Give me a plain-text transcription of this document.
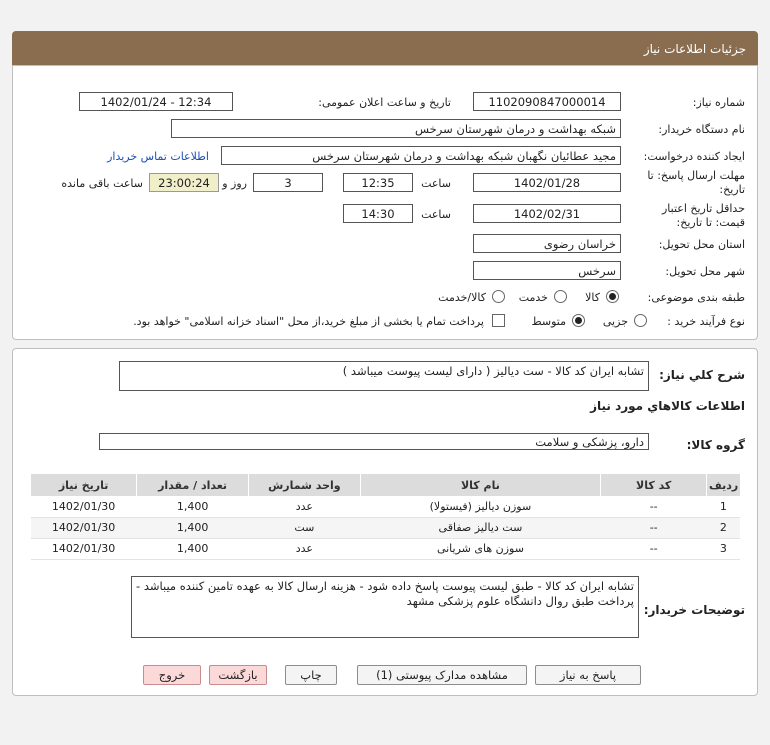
جزئیات اطلاعات نیاز
شماره نیاز:
1102090847000014
تاریخ و ساعت اعلان عمومی:
1402/01/24 - 12:34
نام دستگاه خریدار:
شبکه بهداشت و درمان شهرستان سرخس
ایجاد کننده درخواست:
مجید عطائیان نگهبان شبکه بهداشت و درمان شهرستان سرخس
اطلاعات تماس خریدار
مهلت ارسال پاسخ: تا
تاریخ:
1402/01/28
ساعت
12:35
3
روز و
23:00:24
ساعت باقی مانده
حداقل تاریخ اعتبار
قیمت: تا تاریخ:
1402/02/31
ساعت
14:30
استان محل تحویل:
خراسان رضوی
شهر محل تحویل:
سرخس
طبقه بندی موضوعی:
کالا
خدمت
کالا/خدمت
نوع فرآیند خرید :
جزیی
متوسط
پرداخت تمام یا بخشی از مبلغ خرید،از محل "اسناد خزانه اسلامی" خواهد بود.
شرح کلي نياز:
تشابه ایران کد کالا - ست دیالیز ( دارای لیست پیوست میباشد )
اطلاعات کالاهاي مورد نياز
گروه کالا:
دارو، پزشکی و سلامت
ردیف	کد کالا	نام کالا	واحد شمارش	تعداد / مقدار	تاریخ نیاز
1	--	سوزن دیالیز (فیستولا)	عدد	1,400	1402/01/30
2	--	ست دیالیز صفاقی	ست	1,400	1402/01/30
3	--	سوزن های شریانی	عدد	1,400	1402/01/30
توضیحات خریدار:
تشابه ایران کد کالا - طبق لیست پیوست پاسخ داده شود - هزینه ارسال کالا به عهده تامین کننده میباشد - پرداخت طبق روال دانشگاه علوم پزشکی مشهد
پاسخ به نیاز
مشاهده مدارک پیوستی (1)
چاپ
بازگشت
خروج
